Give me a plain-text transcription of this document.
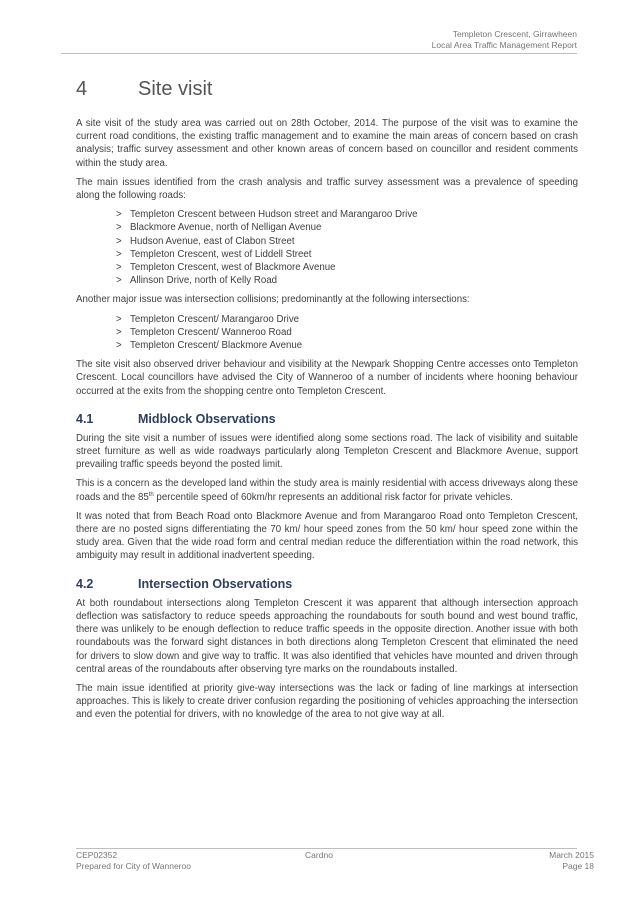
Templeton Crescent, Girrawheen
Local Area Traffic Management Report
4	Site visit

A site visit of the study area was carried out on 28th October, 2014. The purpose of the visit was to examine the current road conditions, the existing traffic management and to examine the main areas of concern based on crash analysis; traffic survey assessment and other known areas of concern based on councillor and resident comments within the study area.

The main issues identified from the crash analysis and traffic survey assessment was a prevalence of speeding along the following roads:

> Templeton Crescent between Hudson street and Marangaroo Drive
> Blackmore Avenue, north of Nelligan Avenue
> Hudson Avenue, east of Clabon Street
> Templeton Crescent, west of Liddell Street
> Templeton Crescent, west of Blackmore Avenue
> Allinson Drive, north of Kelly Road

Another major issue was intersection collisions; predominantly at the following intersections:

> Templeton Crescent/ Marangaroo Drive
> Templeton Crescent/ Wanneroo Road
> Templeton Crescent/ Blackmore Avenue

The site visit also observed driver behaviour and visibility at the Newpark Shopping Centre accesses onto Templeton Crescent. Local councillors have advised the City of Wanneroo of a number of incidents where hooning behaviour occurred at the exits from the shopping centre onto Templeton Crescent.

4.1	Midblock Observations

During the site visit a number of issues were identified along some sections road. The lack of visibility and suitable street furniture as well as wide roadways particularly along Templeton Crescent and Blackmore Avenue, support prevailing traffic speeds beyond the posted limit.

This is a concern as the developed land within the study area is mainly residential with access driveways along these roads and the 85th percentile speed of 60km/hr represents an additional risk factor for private vehicles.

It was noted that from Beach Road onto Blackmore Avenue and from Marangaroo Road onto Templeton Crescent, there are no posted signs differentiating the 70 km/ hour speed zones from the 50 km/ hour speed zone within the study area. Given that the wide road form and central median reduce the differentiation within the road network, this ambiguity may result in additional inadvertent speeding.

4.2	Intersection Observations

At both roundabout intersections along Templeton Crescent it was apparent that although intersection approach deflection was satisfactory to reduce speeds approaching the roundabouts for south bound and west bound traffic, there was unlikely to be enough deflection to reduce traffic speeds in the opposite direction. Another issue with both roundabouts was the forward sight distances in both directions along Templeton Crescent that eliminated the need for drivers to slow down and give way to traffic. It was also identified that vehicles have mounted and driven through central areas of the roundabouts after observing tyre marks on the roundabouts installed.

The main issue identified at priority give-way intersections was the lack or fading of line markings at intersection approaches. This is likely to create driver confusion regarding the positioning of vehicles approaching the intersection and even the potential for drivers, with no knowledge of the area to not give way at all.

CEP02352
Prepared for City of Wanneroo
Cardno	March 2015
Page 18
